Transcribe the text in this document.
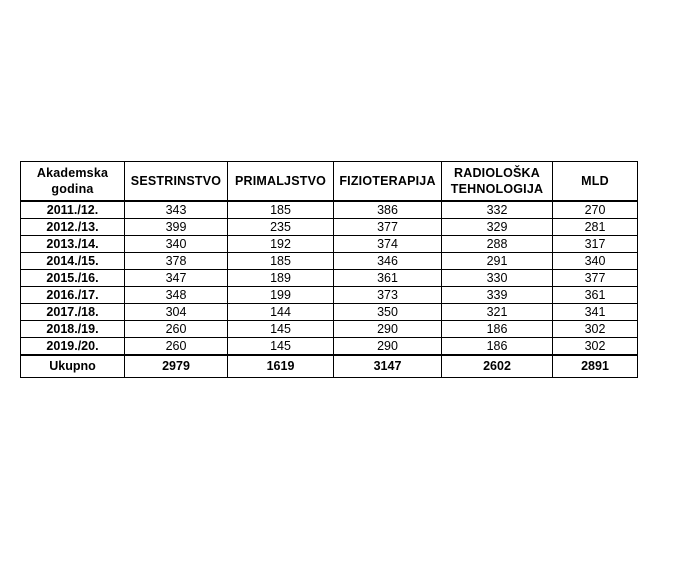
Akademska godina	SESTRINSTVO	PRIMALJSTVO	FIZIOTERAPIJA	RADIOLOŠKA TEHNOLOGIJA	MLD
2011./12.	343	185	386	332	270
2012./13.	399	235	377	329	281
2013./14.	340	192	374	288	317
2014./15.	378	185	346	291	340
2015./16.	347	189	361	330	377
2016./17.	348	199	373	339	361
2017./18.	304	144	350	321	341
2018./19.	260	145	290	186	302
2019./20.	260	145	290	186	302
Ukupno	2979	1619	3147	2602	2891
